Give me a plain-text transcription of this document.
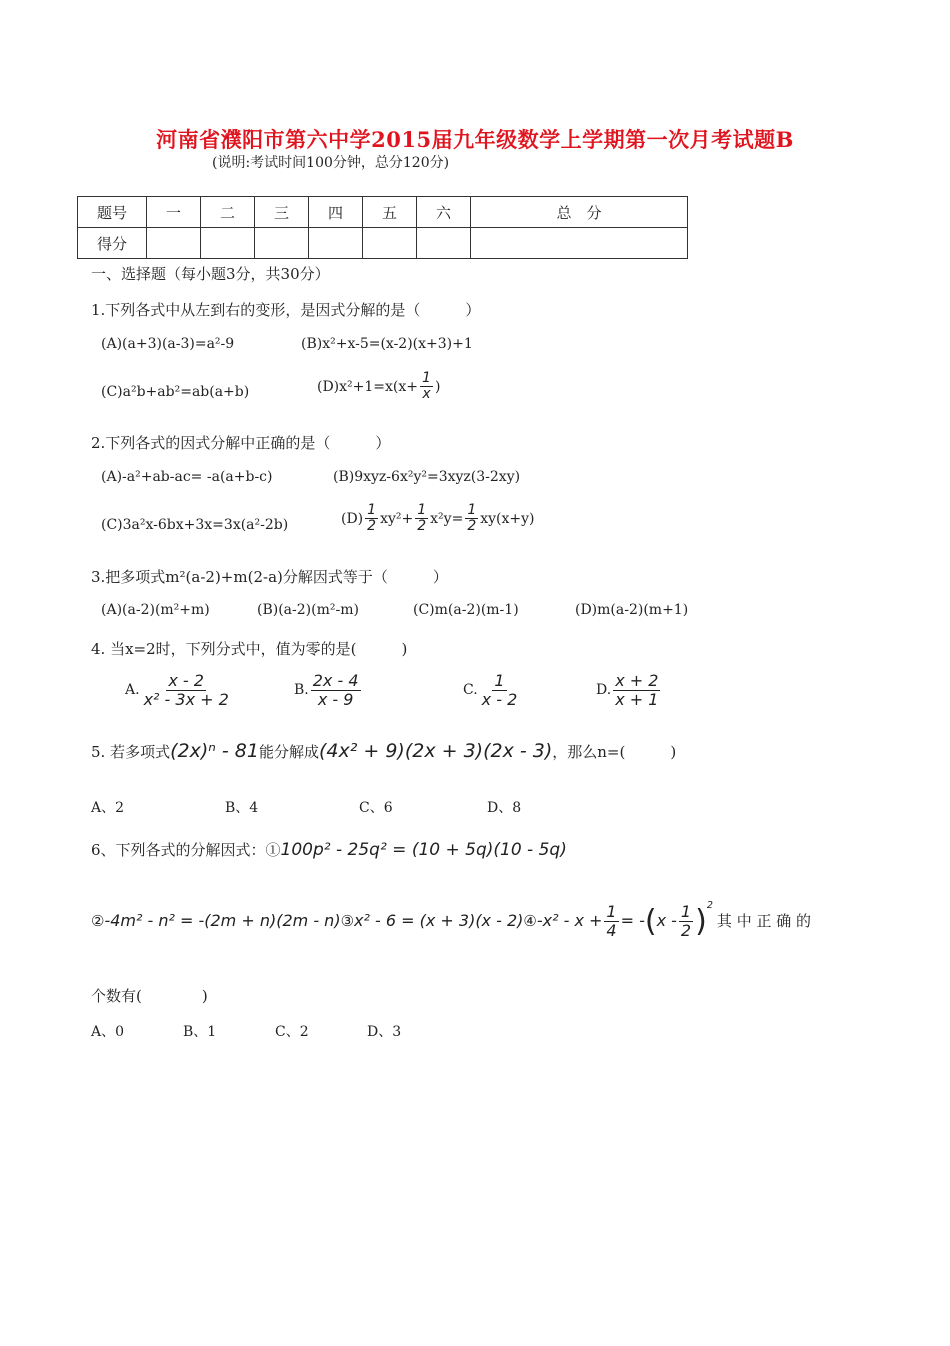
河南省濮阳市第六中学2015届九年级数学上学期第一次月考试题B
(说明:考试时间100分钟，总分120分)
题号	一	二	三	四	五	六	总　分
得分							
一、选择题（每小题3分，共30分）
1.下列各式中从左到右的变形，是因式分解的是（　　　）
(A)(a+3)(a-3)=a²-9	(B)x²+x-5=(x-2)(x+3)+1
(C)a²b+ab²=ab(a+b)	$(D)x^2+1=x(x+ \frac{1}{x}$ )
2.下列各式的因式分解中正确的是（　　　）
(A)-a²+ab-ac= -a(a+b-c)	(B)9xyz-6x²y²=3xyz(3-2xy)
(C)3a²x-6bx+3x=3x(a²-2b)	$(D) \frac{1}{2} xy^2+ \frac{1}{2} x^2y= \frac{1}{2} xy(x+y)$
3.把多项式m²(a-2)+m(2-a)分解因式等于（　　　）
(A)(a-2)(m²+m)	(B)(a-2)(m²-m)	(C)m(a-2)(m-1)	(D)m(a-2)(m+1)
4. 当x=2时，下列分式中，值为零的是(　　　)
A. $\frac{x - 2}{\text{x² - 3x + 2}}$	B. $\frac{2x - 4}{x - 9}$	C. $\frac{1}{x - 2}$	D. $\frac{x + 2}{x + 1}$
5. 若多项式(2x)ⁿ - 81能分解成(4x² + 9)(2x + 3)(2x - 3)，那么n=(　　　)
A、2	B、4	C、6	D、8
6、下列各式的分解因式：①100p² - 25q² = (10 + 5q)(10 - 5q)
②-4m² - n² = -(2m + n)(2m - n)③x² - 6 = (x + 3)(x - 2)④-x² - $x + \frac{1}{4} = -(x - \frac{1}{2} )^2$其 中 正 确 的
个数有(　　　　)
A、0	B、1	C、2	D、3
